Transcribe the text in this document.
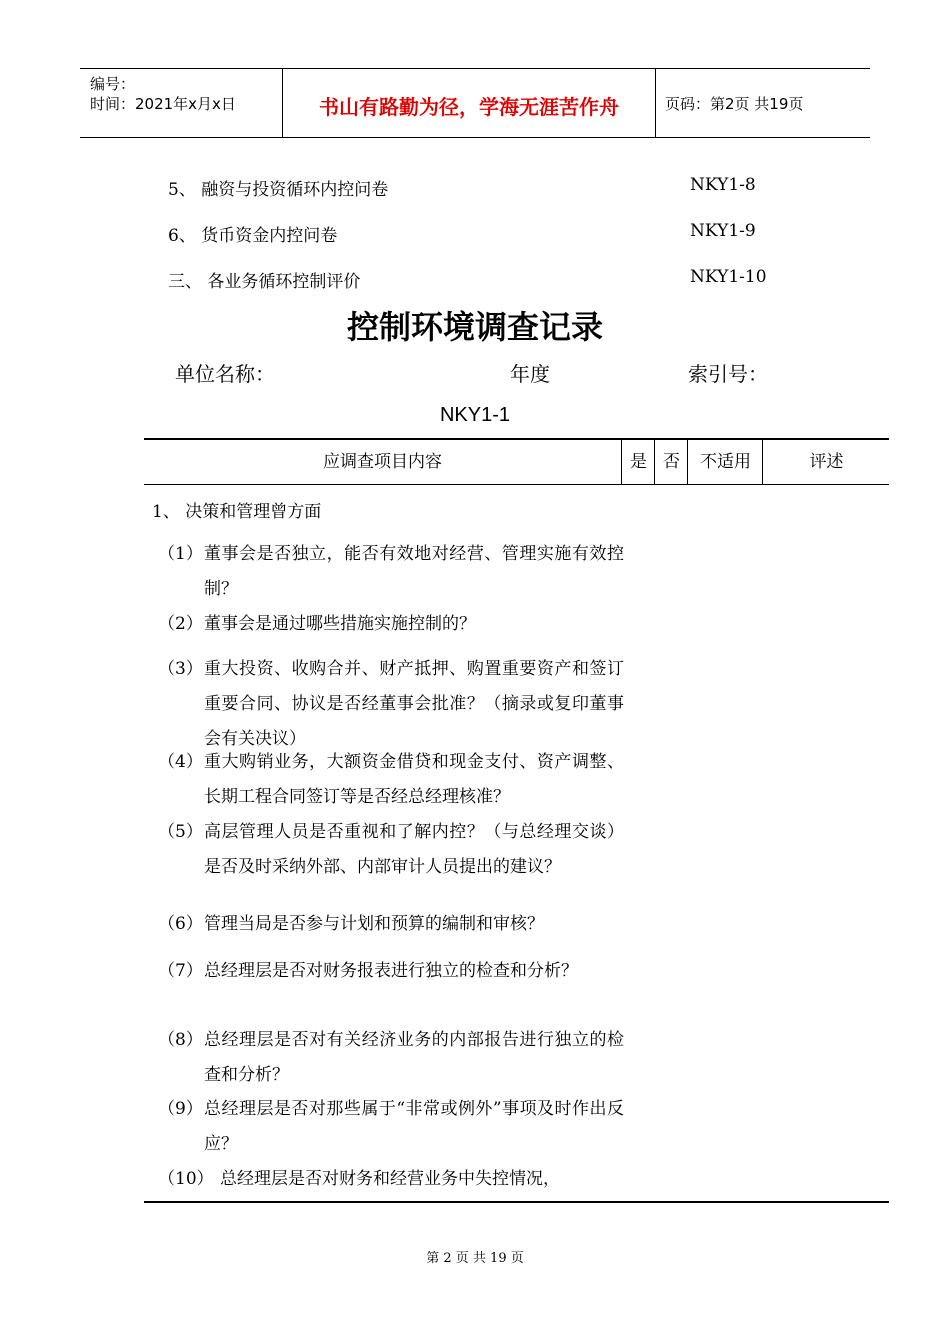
编号：
时间：2021年x月x日	书山有路勤为径，学海无涯苦作舟	页码：第2页 共19页
5、 融资与投资循环内控问卷	NKY1-8
6、 货币资金内控问卷	NKY1-9
三、 各业务循环控制评价	NKY1-10
控制环境调查记录
单位名称：	年度	索引号：
NKY1-1
应调查项目内容	是 否	不适用	评述
1、 决策和管理曾方面
（1） 董事会是否独立，能否有效地对经营、管理实施有效控制？
（2） 董事会是通过哪些措施实施控制的？
（3） 重大投资、收购合并、财产抵押、购置重要资产和签订重要合同、协议是否经董事会批准？（摘录或复印董事会有关决议）
（4） 重大购销业务，大额资金借贷和现金支付、资产调整、长期工程合同签订等是否经总经理核准？
（5） 高层管理人员是否重视和了解内控？（与总经理交谈）是否及时采纳外部、内部审计人员提出的建议？
（6） 管理当局是否参与计划和预算的编制和审核？
（7） 总经理层是否对财务报表进行独立的检查和分析？
（8） 总经理层是否对有关经济业务的内部报告进行独立的检查和分析？
（9） 总经理层是否对那些属于“非常或例外”事项及时作出反应？
（10） 总经理层是否对财务和经营业务中失控情况，
第 2 页 共 19 页
